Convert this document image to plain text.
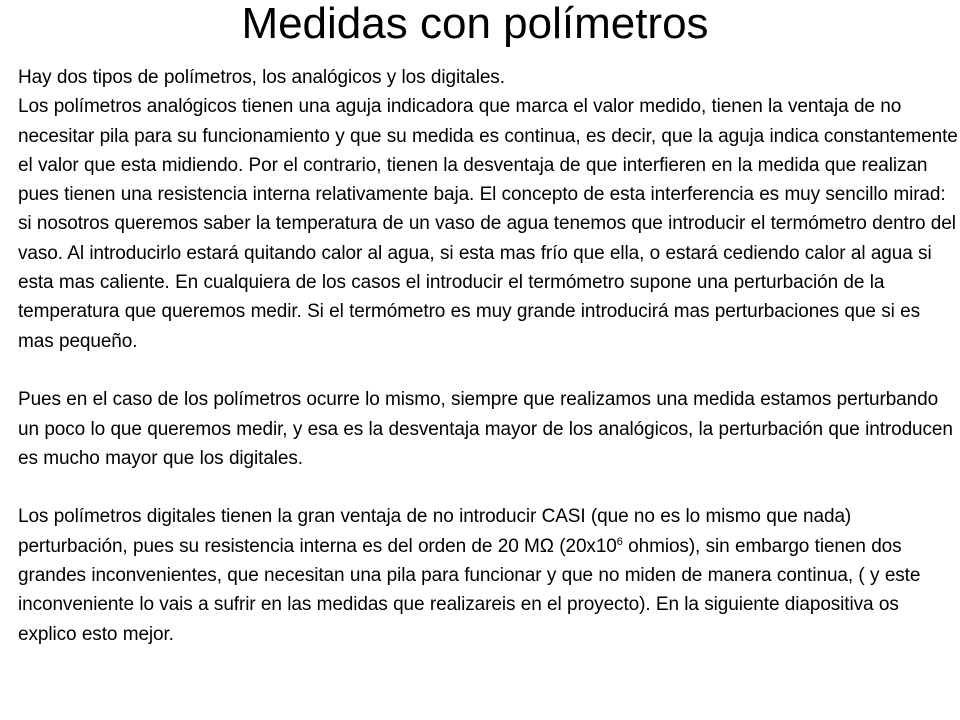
Medidas con polímetros

Hay dos tipos de polímetros, los analógicos y los digitales.

Los polímetros analógicos tienen una aguja indicadora que marca el valor medido, tienen la ventaja de no necesitar pila para su funcionamiento y que su medida es continua, es decir, que la aguja indica constantemente el valor que esta midiendo. Por el contrario, tienen la desventaja de que interfieren en la medida que realizan pues tienen una resistencia interna relativamente baja. El concepto de esta interferencia es muy sencillo mirad:

si nosotros queremos saber la temperatura de un vaso de agua tenemos que introducir el termómetro dentro del vaso. Al introducirlo estará quitando calor al agua, si esta mas frío que ella, o estará cediendo calor al agua si esta mas caliente. En cualquiera de los casos el introducir el termómetro supone una perturbación de la temperatura que queremos medir. Si el termómetro es muy grande introducirá mas perturbaciones que si es mas pequeño.

Pues en el caso de los polímetros ocurre lo mismo, siempre que realizamos una medida estamos perturbando un poco lo que queremos medir, y esa es la desventaja mayor de los analógicos, la perturbación que introducen es mucho mayor que los digitales.

Los polímetros digitales tienen la gran ventaja de no introducir CASI (que no es lo mismo que nada) perturbación, pues su resistencia interna es del orden de 20 MΩ ($20x10^6$ ohmios), sin embargo tienen dos grandes inconvenientes, que necesitan una pila para funcionar y que no miden de manera continua, ( y este inconveniente lo vais a sufrir en las medidas que realizareis en el proyecto). En la siguiente diapositiva os explico esto mejor.
